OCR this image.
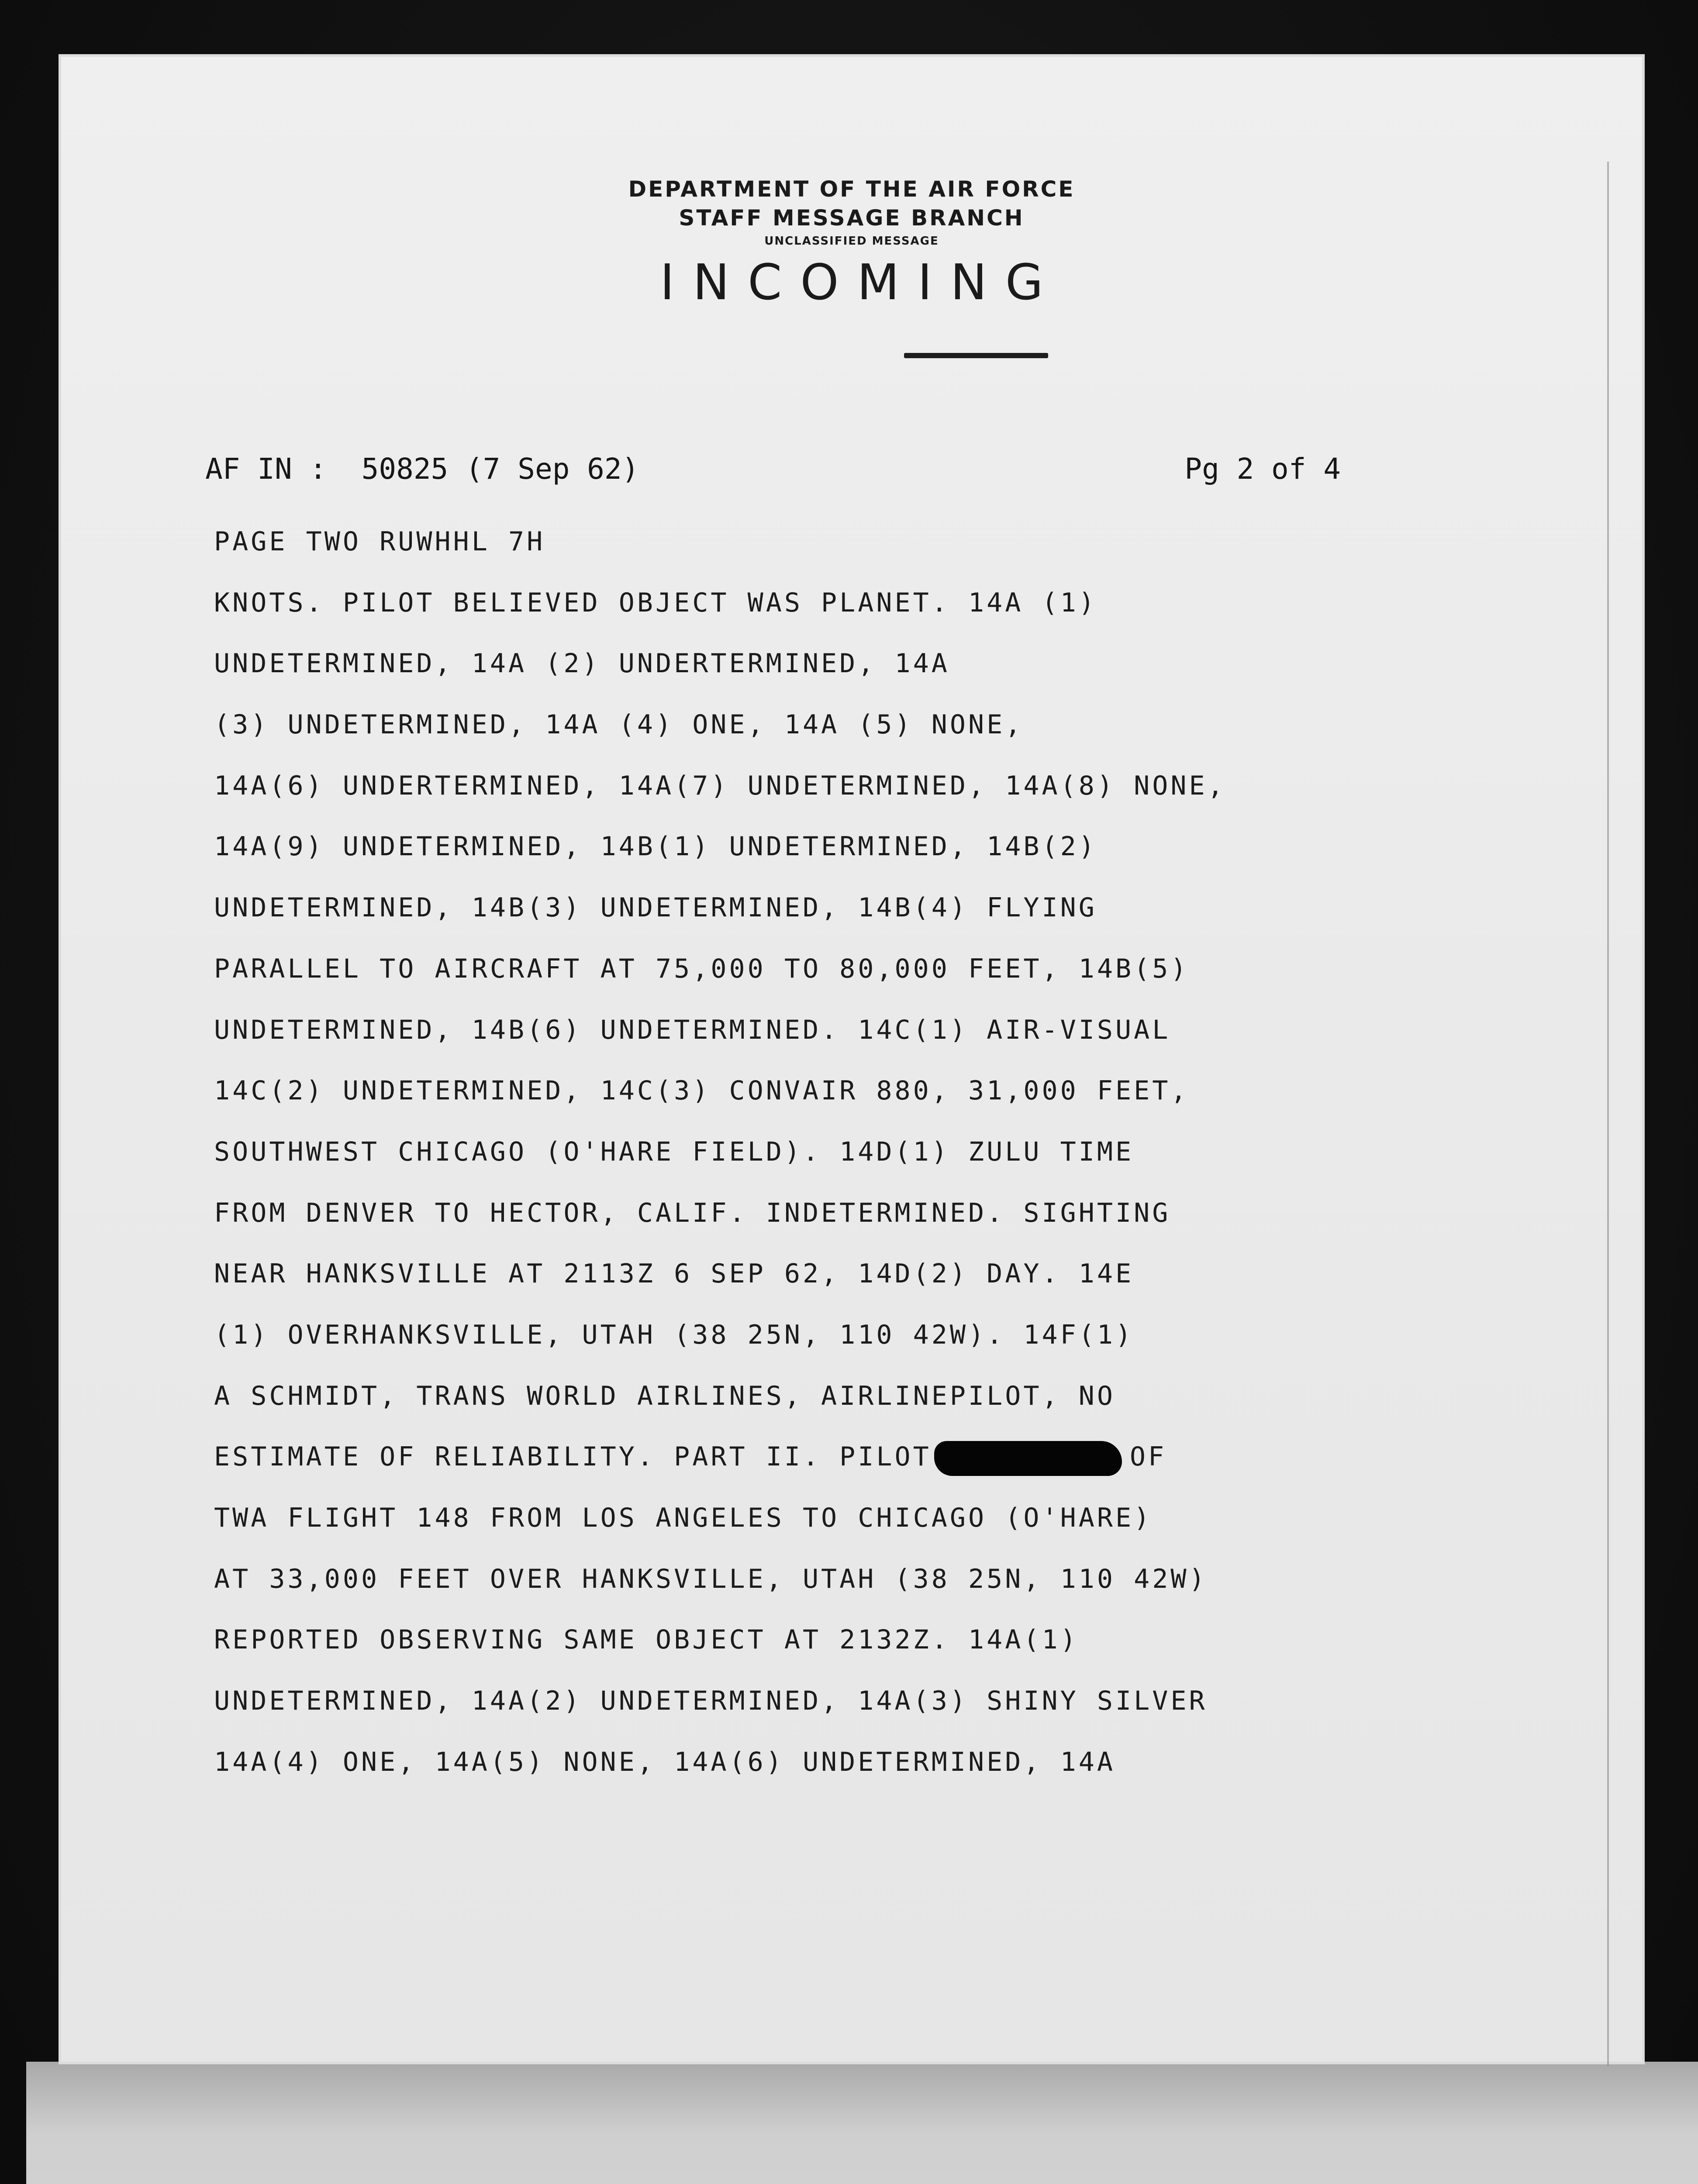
DEPARTMENT OF THE AIR FORCE
STAFF MESSAGE BRANCH
UNCLASSIFIED MESSAGE
INCOMING
AF IN :  50825 (7 Sep 62)	Pg 2 of 4
PAGE TWO RUWHHL 7H
KNOTS. PILOT BELIEVED OBJECT WAS PLANET. 14A (1)
UNDETERMINED, 14A (2) UNDERTERMINED, 14A
(3) UNDETERMINED, 14A (4) ONE, 14A (5) NONE,
14A(6) UNDERTERMINED, 14A(7) UNDETERMINED, 14A(8) NONE,
14A(9) UNDETERMINED, 14B(1) UNDETERMINED, 14B(2)
UNDETERMINED, 14B(3) UNDETERMINED, 14B(4) FLYING
PARALLEL TO AIRCRAFT AT 75,000 TO 80,000 FEET, 14B(5)
UNDETERMINED, 14B(6) UNDETERMINED. 14C(1) AIR-VISUAL
14C(2) UNDETERMINED, 14C(3) CONVAIR 880, 31,000 FEET,
SOUTHWEST CHICAGO (O'HARE FIELD). 14D(1) ZULU TIME
FROM DENVER TO HECTOR, CALIF. INDETERMINED. SIGHTING
NEAR HANKSVILLE AT 2113Z 6 SEP 62, 14D(2) DAY. 14E
(1) OVERHANKSVILLE, UTAH (38 25N, 110 42W). 14F(1)
A SCHMIDT, TRANS WORLD AIRLINES, AIRLINEPILOT, NO
ESTIMATE OF RELIABILITY. PART II. PILOT	OF
TWA FLIGHT 148 FROM LOS ANGELES TO CHICAGO (O'HARE)
AT 33,000 FEET OVER HANKSVILLE, UTAH (38 25N, 110 42W)
REPORTED OBSERVING SAME OBJECT AT 2132Z. 14A(1)
UNDETERMINED, 14A(2) UNDETERMINED, 14A(3) SHINY SILVER
14A(4) ONE, 14A(5) NONE, 14A(6) UNDETERMINED, 14A
